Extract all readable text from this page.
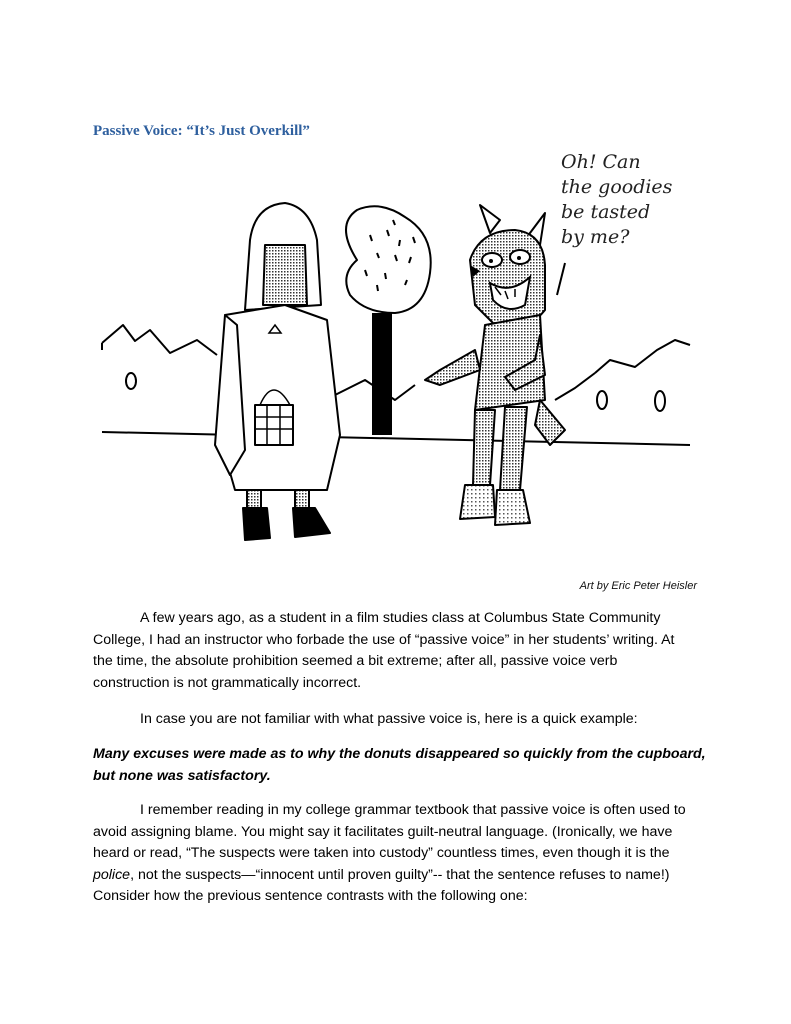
Passive Voice: “It’s Just Overkill”
Oh! Can
the goodies
be tasted
by me?
Art by Eric Peter Heisler

A few years ago, as a student in a film studies class at Columbus State Community
College, I had an instructor who forbade the use of “passive voice” in her students’ writing. At
the time, the absolute prohibition seemed a bit extreme; after all, passive voice verb
construction is not grammatically incorrect.

In case you are not familiar with what passive voice is, here is a quick example:

Many excuses were made as to why the donuts disappeared so quickly from the cupboard,
but none was satisfactory.

I remember reading in my college grammar textbook that passive voice is often used to
avoid assigning blame. You might say it facilitates guilt-neutral language. (Ironically, we have
heard or read, “The suspects were taken into custody” countless times, even though it is the
police, not the suspects—“innocent until proven guilty”-- that the sentence refuses to name!)
Consider how the previous sentence contrasts with the following one:
